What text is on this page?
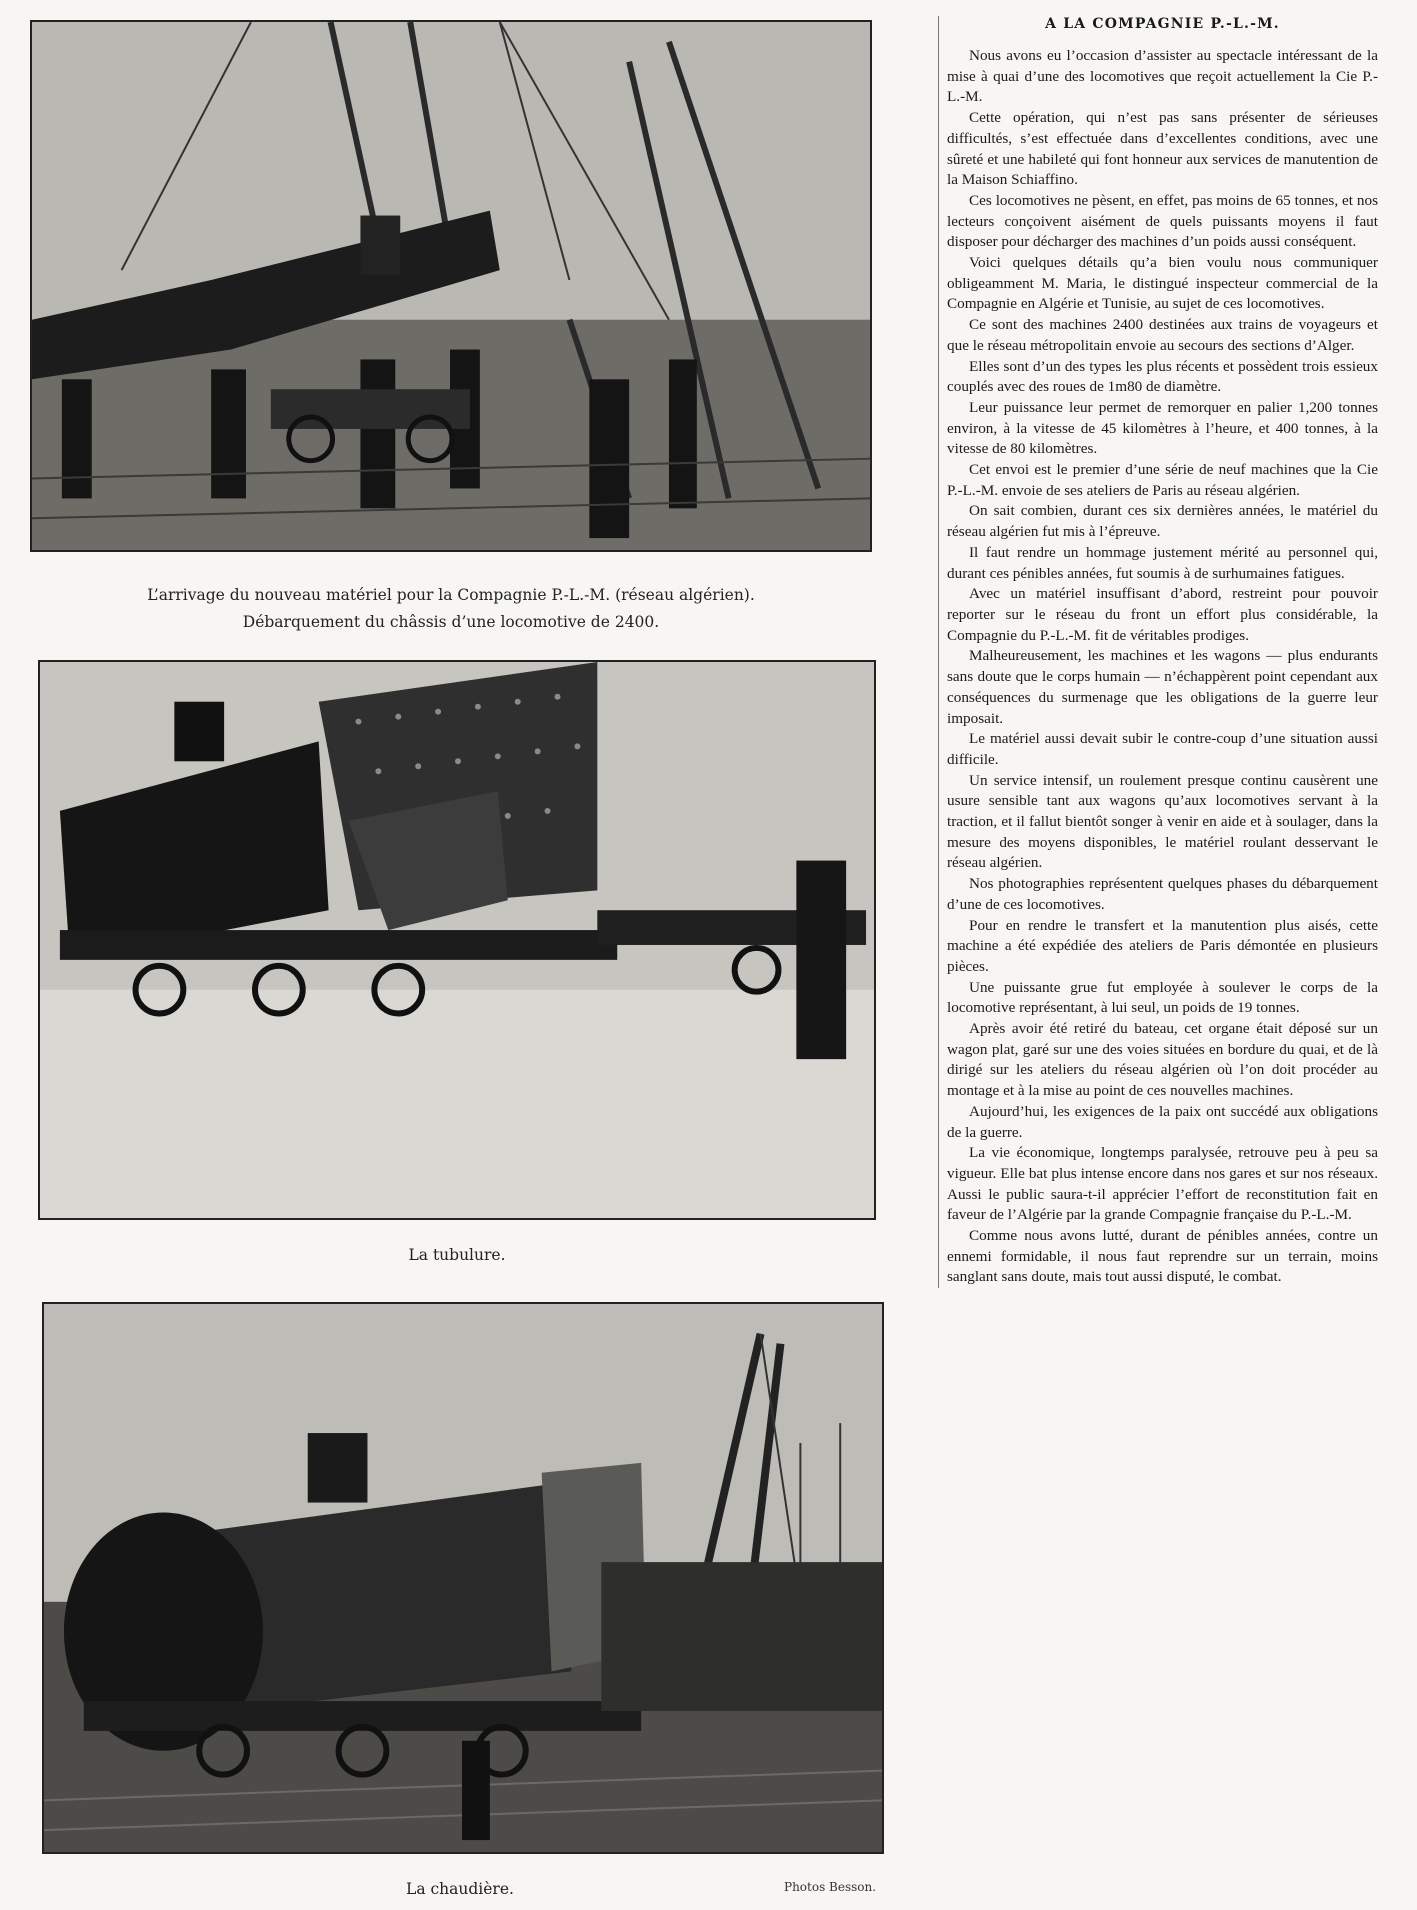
L’arrivage du nouveau matériel pour la Compagnie P.-L.-M. (réseau algérien).
Débarquement du châssis d’une locomotive de 2400.
La tubulure.
La chaudière.	Photos Besson.
A LA COMPAGNIE P.-L.-M.

Nous avons eu l’occasion d’assister au spectacle intéressant de la mise à quai d’une des locomotives que reçoit actuellement la Cie P.-L.-M.

Cette opération, qui n’est pas sans présenter de sérieuses difficultés, s’est effectuée dans d’excellentes conditions, avec une sûreté et une habileté qui font honneur aux services de manutention de la Maison Schiaffino.

Ces locomotives ne pèsent, en effet, pas moins de 65 tonnes, et nos lecteurs conçoivent aisément de quels puissants moyens il faut disposer pour décharger des machines d’un poids aussi conséquent.

Voici quelques détails qu’a bien voulu nous communiquer obligeamment M. Maria, le distingué inspecteur commercial de la Compagnie en Algérie et Tunisie, au sujet de ces locomotives.

Ce sont des machines 2400 destinées aux trains de voyageurs et que le réseau métropolitain envoie au secours des sections d’Alger.

Elles sont d’un des types les plus récents et possèdent trois essieux couplés avec des roues de 1m80 de diamètre.

Leur puissance leur permet de remorquer en palier 1,200 tonnes environ, à la vitesse de 45 kilomètres à l’heure, et 400 tonnes, à la vitesse de 80 kilomètres.

Cet envoi est le premier d’une série de neuf machines que la Cie P.-L.-M. envoie de ses ateliers de Paris au réseau algérien.

On sait combien, durant ces six dernières années, le matériel du réseau algérien fut mis à l’épreuve.

Il faut rendre un hommage justement mérité au personnel qui, durant ces pénibles années, fut soumis à de surhumaines fatigues.

Avec un matériel insuffisant d’abord, restreint pour pouvoir reporter sur le réseau du front un effort plus considérable, la Compagnie du P.-L.-M. fit de véritables prodiges.

Malheureusement, les machines et les wagons — plus endurants sans doute que le corps humain — n’échappèrent point cependant aux conséquences du surmenage que les obligations de la guerre leur imposait.

Le matériel aussi devait subir le contre-coup d’une situation aussi difficile.

Un service intensif, un roulement presque continu causèrent une usure sensible tant aux wagons qu’aux locomotives servant à la traction, et il fallut bientôt songer à venir en aide et à soulager, dans la mesure des moyens disponibles, le matériel roulant desservant le réseau algérien.

Nos photographies représentent quelques phases du débarquement d’une de ces locomotives.

Pour en rendre le transfert et la manutention plus aisés, cette machine a été expédiée des ateliers de Paris démontée en plusieurs pièces.

Une puissante grue fut employée à soulever le corps de la locomotive représentant, à lui seul, un poids de 19 tonnes.

Après avoir été retiré du bateau, cet organe était déposé sur un wagon plat, garé sur une des voies situées en bordure du quai, et de là dirigé sur les ateliers du réseau algérien où l’on doit procéder au montage et à la mise au point de ces nouvelles machines.

Aujourd’hui, les exigences de la paix ont succédé aux obligations de la guerre.

La vie économique, longtemps paralysée, retrouve peu à peu sa vigueur. Elle bat plus intense encore dans nos gares et sur nos réseaux. Aussi le public saura-t-il apprécier l’effort de reconstitution fait en faveur de l’Algérie par la grande Compagnie française du P.-L.-M.

Comme nous avons lutté, durant de pénibles années, contre un ennemi formidable, il nous faut reprendre sur un terrain, moins sanglant sans doute, mais tout aussi disputé, le combat.
